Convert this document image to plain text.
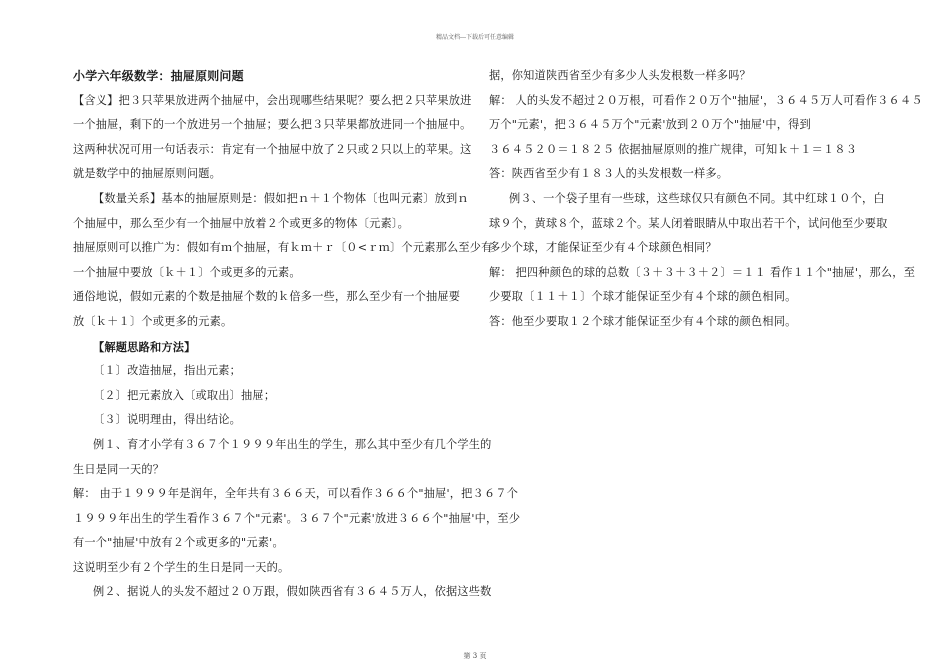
精品文档---下载后可任意编辑
小学六年级数学：抽屉原则问题
【含义】把３只苹果放进两个抽屉中，会出现哪些结果呢？要么把２只苹果放进
一个抽屉，剩下的一个放进另一个抽屉；要么把３只苹果都放进同一个抽屉中。
这两种状况可用一句话表示：肯定有一个抽屉中放了２只或２只以上的苹果。这
就是数学中的抽屉原则问题。
【数量关系】基本的抽屉原则是：假如把ｎ＋１个物体〔也叫元素〕放到ｎ
个抽屉中，那么至少有一个抽屉中放着２个或更多的物体〔元素〕。
抽屉原则可以推广为：假如有ｍ个抽屉，有ｋｍ＋ｒ〔０<ｒｍ〕个元素那么至少有
一个抽屉中要放〔ｋ＋１〕个或更多的元素。
通俗地说，假如元素的个数是抽屉个数的ｋ倍多一些，那么至少有一个抽屉要
放〔ｋ＋１〕个或更多的元素。
【解题思路和方法】
〔１〕改造抽屉，指出元素；
〔２〕把元素放入〔或取出〕抽屉；
〔３〕说明理由，得出结论。
例１、育才小学有３６７个１９９９年出生的学生，那么其中至少有几个学生的
生日是同一天的？
解： 由于１９９９年是润年，全年共有３６６天，可以看作３６６个"抽屉'，把３６７个
１９９９年出生的学生看作３６７个"元素'。３６７个"元素'放进３６６个"抽屉'中，至少
有一个"抽屉'中放有２个或更多的"元素'。
这说明至少有２个学生的生日是同一天的。
例２、据说人的头发不超过２０万跟，假如陕西省有３６４５万人，依据这些数
据，你知道陕西省至少有多少人头发根数一样多吗？
解： 人的头发不超过２０万根，可看作２０万个"抽屉'，３６４５万人可看作３６４５
万个"元素'，把３６４５万个"元素'放到２０万个"抽屉'中，得到
３６４５２０＝１８２５ 依据抽屉原则的推广规律，可知ｋ＋１＝１８３
答：陕西省至少有１８３人的头发根数一样多。
例３、一个袋子里有一些球，这些球仅只有颜色不同。其中红球１０个，白
球９个，黄球８个，蓝球２个。某人闭着眼睛从中取出若干个，试问他至少要取
多少个球，才能保证至少有４个球颜色相同？
解： 把四种颜色的球的总数〔３＋３＋３＋２〕＝１１ 看作１１个"抽屉'，那么，至
少要取〔１１＋１〕个球才能保证至少有４个球的颜色相同。
答：他至少要取１２个球才能保证至少有４个球的颜色相同。
第 3 页
